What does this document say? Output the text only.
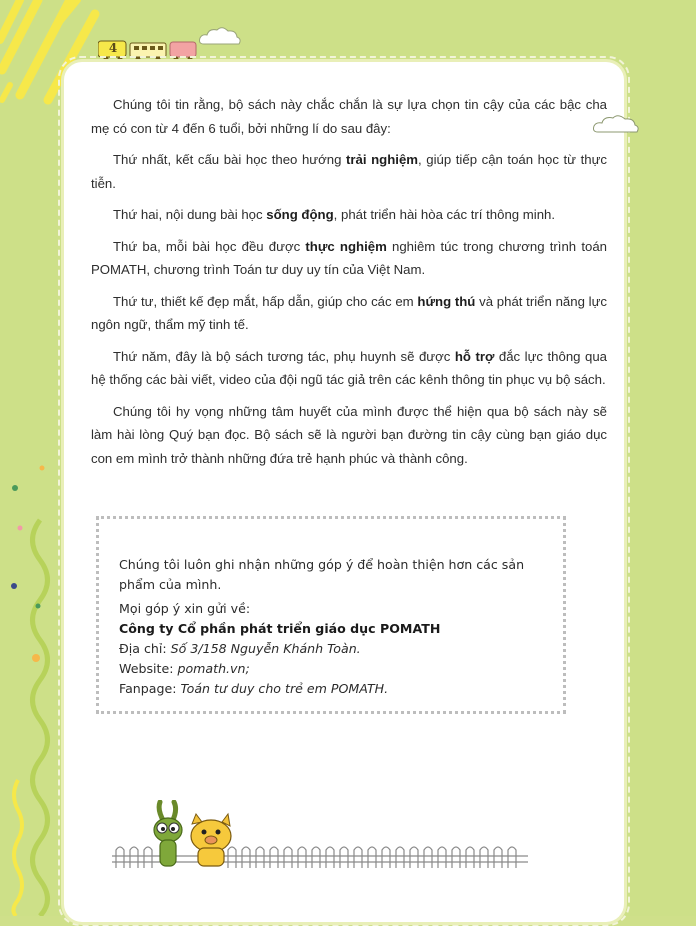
4

Chúng tôi tin rằng, bộ sách này chắc chắn là sự lựa chọn tin cậy của các bậc cha mẹ có con từ 4 đến 6 tuổi, bởi những lí do sau đây:

Thứ nhất, kết cấu bài học theo hướng trải nghiệm, giúp tiếp cận toán học từ thực tiễn.

Thứ hai, nội dung bài học sống động, phát triển hài hòa các trí thông minh.

Thứ ba, mỗi bài học đều được thực nghiệm nghiêm túc trong chương trình toán POMATH, chương trình Toán tư duy uy tín của Việt Nam.

Thứ tư, thiết kế đẹp mắt, hấp dẫn, giúp cho các em hứng thú và phát triển năng lực ngôn ngữ, thẩm mỹ tinh tế.

Thứ năm, đây là bộ sách tương tác, phụ huynh sẽ được hỗ trợ đắc lực thông qua hệ thống các bài viết, video của đội ngũ tác giả trên các kênh thông tin phục vụ bộ sách.

Chúng tôi hy vọng những tâm huyết của mình được thể hiện qua bộ sách này sẽ làm hài lòng Quý bạn đọc. Bộ sách sẽ là người bạn đường tin cậy cùng bạn giáo dục con em mình trở thành những đứa trẻ hạnh phúc và thành công.

Chúng tôi luôn ghi nhận những góp ý để hoàn thiện hơn các sản phẩm của mình.

Mọi góp ý xin gửi về:

Công ty Cổ phần phát triển giáo dục POMATH

Địa chỉ: Số 3/158 Nguyễn Khánh Toàn.

Website: pomath.vn;

Fanpage: Toán tư duy cho trẻ em POMATH.
